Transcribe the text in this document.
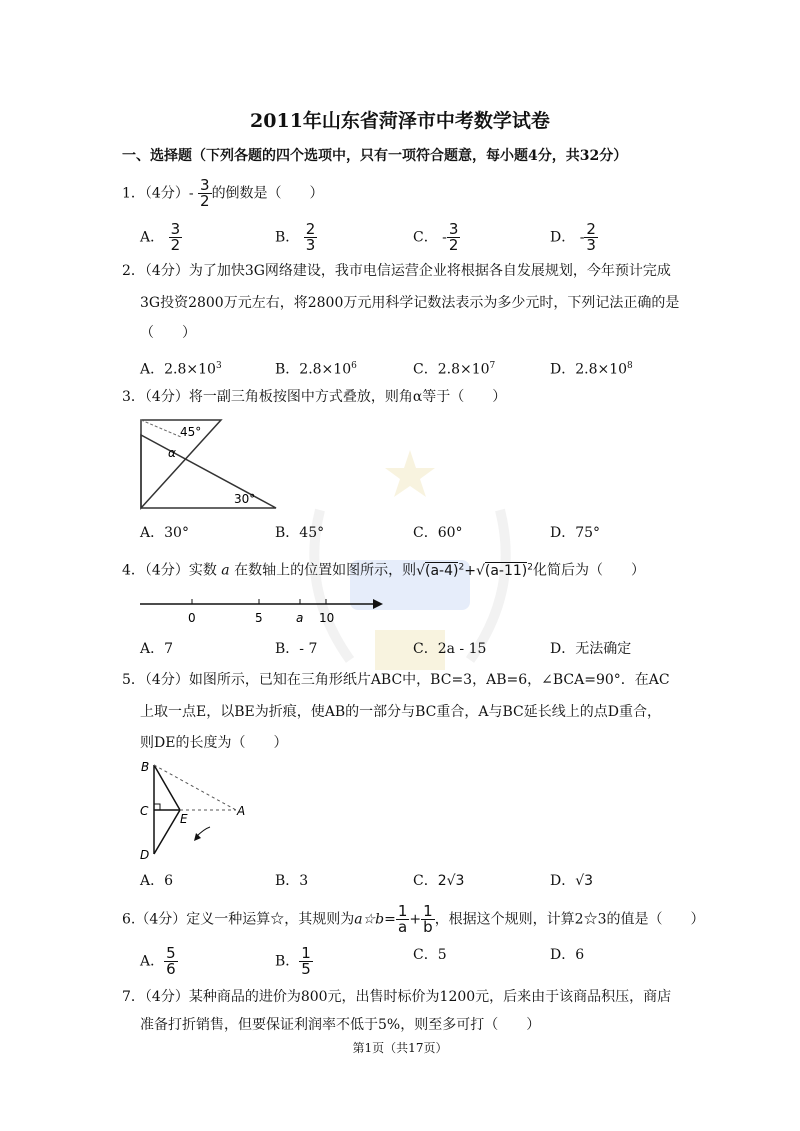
2011年山东省菏泽市中考数学试卷
一、选择题（下列各题的四个选项中，只有一项符合题意，每小题4分，共32分）
1．（4分）- $\frac{3}{2}$ 的倒数是（　　）
A． $\frac{3}{2}$	B． $\frac{2}{3}$	C． - $\frac{3}{2}$	D． - $\frac{2}{3}$
2．（4分）为了加快3G网络建设，我市电信运营企业将根据各自发展规划，今年预计完成
3G投资2800万元左右，将2800万元用科学记数法表示为多少元时，下列记法正确的是
（　　）
A．$2.8\times 10^3$	B．$2.8\times 10^6$	C．$2.8\times 10^7$	D．$2.8\times 10^8$
3．（4分）将一副三角板按图中方式叠放，则角α等于（　　）
45°
α
30°
A．30°	B．45°	C．60°	D．75°
4．（4分）实数 a 在数轴上的位置如图所示，则$√(a-4)^2+√(a-11)^2$化简后为（　　）
0	5	a 10
A．7	B．- 7	C．2a - 15	D．无法确定
5．（4分）如图所示，已知在三角形纸片ABC中，BC=3，AB=6，∠BCA=90°．在AC
上取一点E，以BE为折痕，使AB的一部分与BC重合，A与BC延长线上的点D重合，
则DE的长度为（　　）
B
C
D
E
A
A．6	B．3	C．2√3	D．√3
6.（4分）定义一种运算☆，其规则为a☆b= $\frac{1}{a} + \frac{1}{b}$ ，根据这个规则，计算2☆3的值是（　　）
A． $\frac{5}{6}$	B． $\frac{1}{5}$	C．5	D．6
7．（4分）某种商品的进价为800元，出售时标价为1200元，后来由于该商品积压，商店
准备打折销售，但要保证利润率不低于5%，则至多可打（　　）
第1页（共17页）
